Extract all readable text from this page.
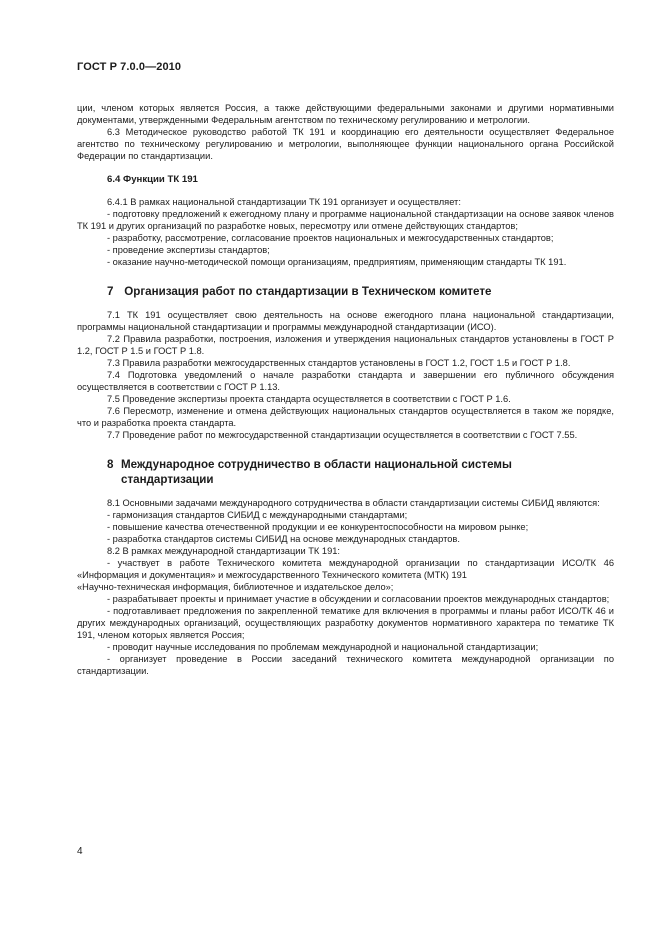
ГОСТ Р 7.0.0—2010

ции, членом которых является Россия, а также действующими федеральными законами и другими нормативными документами, утвержденными Федеральным агентством по техническому регулированию и метрологии.

6.3 Методическое руководство работой ТК 191 и координацию его деятельности осуществляет Федеральное агентство по техническому регулированию и метрологии, выполняющее функции национального органа Российской Федерации по стандартизации.

6.4 Функции ТК 191

6.4.1 В рамках национальной стандартизации ТК 191 организует и осуществляет:

- подготовку предложений к ежегодному плану и программе национальной стандартизации на основе заявок членов ТК 191 и других организаций по разработке новых, пересмотру или отмене действующих стандартов;

- разработку, рассмотрение, согласование проектов национальных и межгосударственных стандартов;

- проведение экспертизы стандартов;

- оказание научно-методической помощи организациям, предприятиям, применяющим стандарты ТК 191.

7 Организация работ по стандартизации в Техническом комитете

7.1 ТК 191 осуществляет свою деятельность на основе ежегодного плана национальной стандартизации, программы национальной стандартизации и программы международной стандартизации (ИСО).

7.2 Правила разработки, построения, изложения и утверждения национальных стандартов установлены в ГОСТ Р 1.2, ГОСТ Р 1.5 и ГОСТ Р 1.8.

7.3 Правила разработки межгосударственных стандартов установлены в ГОСТ 1.2, ГОСТ 1.5 и ГОСТ Р 1.8.

7.4 Подготовка уведомлений о начале разработки стандарта и завершении его публичного обсуждения осуществляется в соответствии с ГОСТ Р 1.13.

7.5 Проведение экспертизы проекта стандарта осуществляется в соответствии с ГОСТ Р 1.6.

7.6 Пересмотр, изменение и отмена действующих национальных стандартов осуществляется в таком же порядке, что и разработка проекта стандарта.

7.7 Проведение работ по межгосударственной стандартизации осуществляется в соответствии с ГОСТ 7.55.

8 Международное сотрудничество в области национальной системы
стандартизации

8.1 Основными задачами международного сотрудничества в области стандартизации системы СИБИД являются:

- гармонизация стандартов СИБИД с международными стандартами;

- повышение качества отечественной продукции и ее конкурентоспособности на мировом рынке;

- разработка стандартов системы СИБИД на основе международных стандартов.

8.2 В рамках международной стандартизации ТК 191:

- участвует в работе Технического комитета международной организации по стандартизации ИСО/ТК 46 «Информация и документация» и межгосударственного Технического комитета (МТК) 191

«Научно-техническая информация, библиотечное и издательское дело»;

- разрабатывает проекты и принимает участие в обсуждении и согласовании проектов международных стандартов;

- подготавливает предложения по закрепленной тематике для включения в программы и планы работ ИСО/ТК 46 и других международных организаций, осуществляющих разработку документов нормативного характера по тематике ТК 191, членом которых является Россия;

- проводит научные исследования по проблемам международной и национальной стандартизации;

- организует проведение в России заседаний технического комитета международной организации по стандартизации.

4
